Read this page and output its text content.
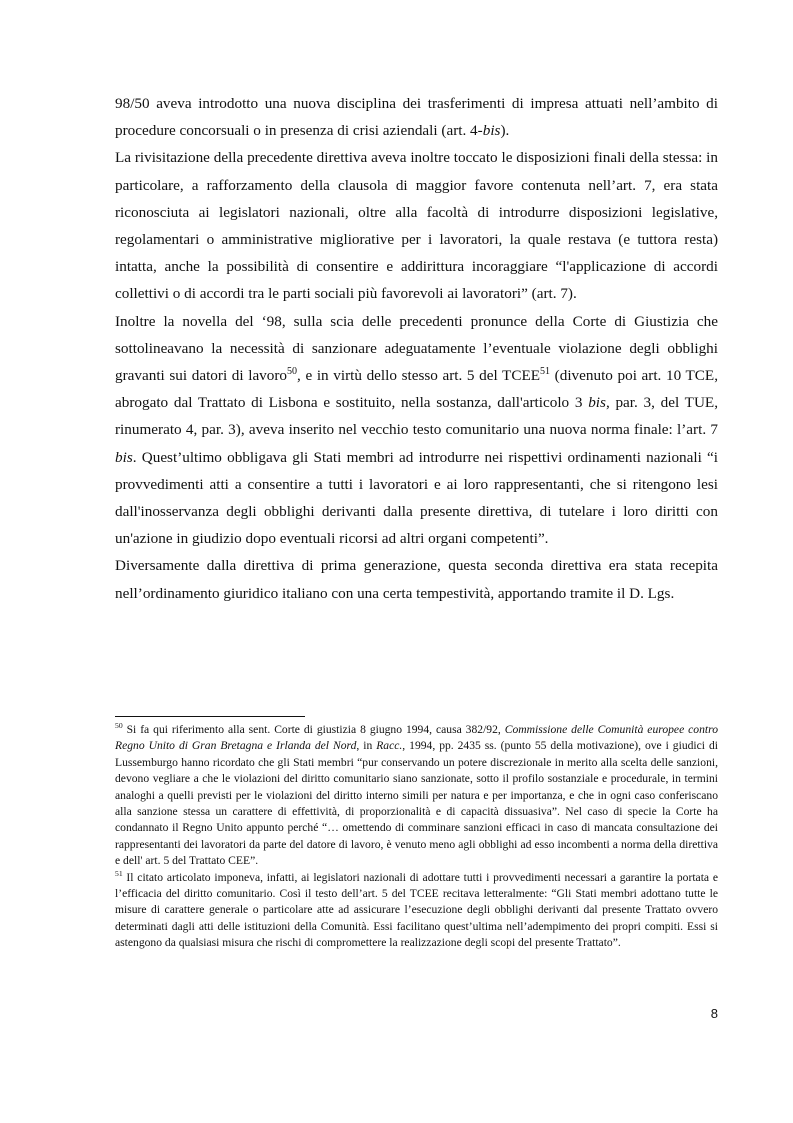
98/50 aveva introdotto una nuova disciplina dei trasferimenti di impresa attuati nell’ambito di procedure concorsuali o in presenza di crisi aziendali (art. 4-bis).

La rivisitazione della precedente direttiva aveva inoltre toccato le disposizioni finali della stessa: in particolare, a rafforzamento della clausola di maggior favore contenuta nell’art. 7, era stata riconosciuta ai legislatori nazionali, oltre alla facoltà di introdurre disposizioni legislative, regolamentari o amministrative migliorative per i lavoratori, la quale restava (e tuttora resta) intatta, anche la possibilità di consentire e addirittura incoraggiare “l'applicazione di accordi collettivi o di accordi tra le parti sociali più favorevoli ai lavoratori” (art. 7).

Inoltre la novella del ‘98, sulla scia delle precedenti pronunce della Corte di Giustizia che sottolineavano la necessità di sanzionare adeguatamente l’eventuale violazione degli obblighi gravanti sui datori di lavoro$^{50}$, e in virtù dello stesso art. 5 del TCEE$^{51}$ (divenuto poi art. 10 TCE, abrogato dal Trattato di Lisbona e sostituito, nella sostanza, dall'articolo 3 bis, par. 3, del TUE, rinumerato 4, par. 3), aveva inserito nel vecchio testo comunitario una nuova norma finale: l’art. 7 bis. Quest’ultimo obbligava gli Stati membri ad introdurre nei rispettivi ordinamenti nazionali “i provvedimenti atti a consentire a tutti i lavoratori e ai loro rappresentanti, che si ritengono lesi dall'inosservanza degli obblighi derivanti dalla presente direttiva, di tutelare i loro diritti con un'azione in giudizio dopo eventuali ricorsi ad altri organi competenti”.

Diversamente dalla direttiva di prima generazione, questa seconda direttiva era stata recepita nell’ordinamento giuridico italiano con una certa tempestività, apportando tramite il D. Lgs.

$^{50}$ Si fa qui riferimento alla sent. Corte di giustizia 8 giugno 1994, causa 382/92, Commissione delle Comunità europee contro Regno Unito di Gran Bretagna e Irlanda del Nord, in Racc., 1994, pp. 2435 ss. (punto 55 della motivazione), ove i giudici di Lussemburgo hanno ricordato che gli Stati membri “pur conservando un potere discrezionale in merito alla scelta delle sanzioni, devono vegliare a che le violazioni del diritto comunitario siano sanzionate, sotto il profilo sostanziale e procedurale, in termini analoghi a quelli previsti per le violazioni del diritto interno simili per natura e per importanza, e che in ogni caso conferiscano alla sanzione stessa un carattere di effettività, di proporzionalità e di capacità dissuasiva”. Nel caso di specie la Corte ha condannato il Regno Unito appunto perché “… omettendo di comminare sanzioni efficaci in caso di mancata consultazione dei rappresentanti dei lavoratori da parte del datore di lavoro, è venuto meno agli obblighi ad esso incombenti a norma della direttiva e dell' art. 5 del Trattato CEE”.

$^{51}$ Il citato articolato imponeva, infatti, ai legislatori nazionali di adottare tutti i provvedimenti necessari a garantire la portata e l’efficacia del diritto comunitario. Così il testo dell’art. 5 del TCEE recitava letteralmente: “Gli Stati membri adottano tutte le misure di carattere generale o particolare atte ad assicurare l’esecuzione degli obblighi derivanti dal presente Trattato ovvero determinati dagli atti delle istituzioni della Comunità. Essi facilitano quest’ultima nell’adempimento dei propri compiti. Essi si astengono da qualsiasi misura che rischi di compromettere la realizzazione degli scopi del presente Trattato”.

8
